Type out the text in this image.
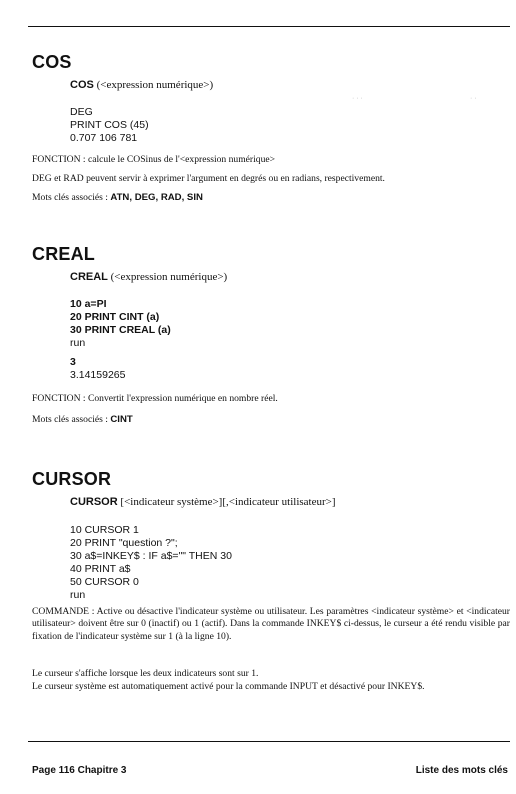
· · ·	· ·
COS
COS (<expression numérique>)
DEG
PRINT COS (45)
0.707 106 781
FONCTION : calcule le COSinus de l'<expression numérique>
DEG et RAD peuvent servir à exprimer l'argument en degrés ou en radians, respectivement.
Mots clés associés : ATN, DEG, RAD, SIN
CREAL
CREAL (<expression numérique>)
10 a=PI
20 PRINT CINT (a)
30 PRINT CREAL (a)
run
3
3.14159265
FONCTION : Convertit l'expression numérique en nombre réel.
Mots clés associés : CINT
CURSOR
CURSOR [<indicateur système>][,<indicateur utilisateur>]
10 CURSOR 1
20 PRINT "question ?";
30 a$=INKEY$ : IF a$="" THEN 30
40 PRINT a$
50 CURSOR 0
run
COMMANDE : Active ou désactive l'indicateur système ou utilisateur. Les paramètres <indicateur système> et <indicateur utilisateur> doivent être sur 0 (inactif) ou 1 (actif). Dans la commande INKEY$ ci-dessus, le curseur a été rendu visible par fixation de l'indicateur système sur 1 (à la ligne 10).
Le curseur s'affiche lorsque les deux indicateurs sont sur 1.
Le curseur système est automatiquement activé pour la commande INPUT et désactivé pour INKEY$.
Page 116 Chapitre 3	Liste des mots clés
